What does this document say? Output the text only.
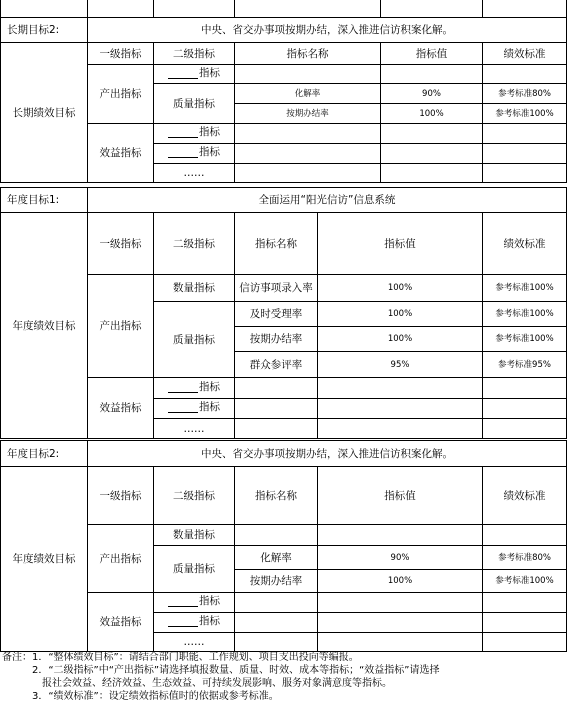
长期目标2:	中央、省交办事项按期办结，深入推进信访积案化解。				
长期绩效目标	一级指标	二级指标	指标名称	指标值	绩效标准
	产出指标	指标			

		质量指标	化解率	90%	参考标准80%
			按期办结率	100%	参考标准100%
	效益指标	指标			

		指标			

		……			
年度目标1:	全面运用“阳光信访”信息系统				
年度绩效目标	一级指标	二级指标	指标名称	指标值	绩效标准
	产出指标	数量指标	信访事项录入率	100%	参考标准100%
		质量指标	及时受理率	100%	参考标准100%
			按期办结率	100%	参考标准100%
			群众参评率	95%	参考标准95%
	效益指标	指标			

		指标			

		……			
年度目标2:	中央、省交办事项按期办结，深入推进信访积案化解。				
年度绩效目标	一级指标	二级指标	指标名称	指标值	绩效标准
	产出指标	数量指标			
		质量指标	化解率	90%	参考标准80%
			按期办结率	100%	参考标准100%
	效益指标	指标			

		指标			

		……			
备注：1．“整体绩效目标”：请结合部门职能、工作规划、项目支出投向等编报。
　　　2．“二级指标”中“产出指标”请选择填报数量、质量、时效、成本等指标；“效益指标”请选择
　　　　报社会效益、经济效益、生态效益、可持续发展影响、服务对象满意度等指标。
　　　3．“绩效标准”：设定绩效指标值时的依据或参考标准。
